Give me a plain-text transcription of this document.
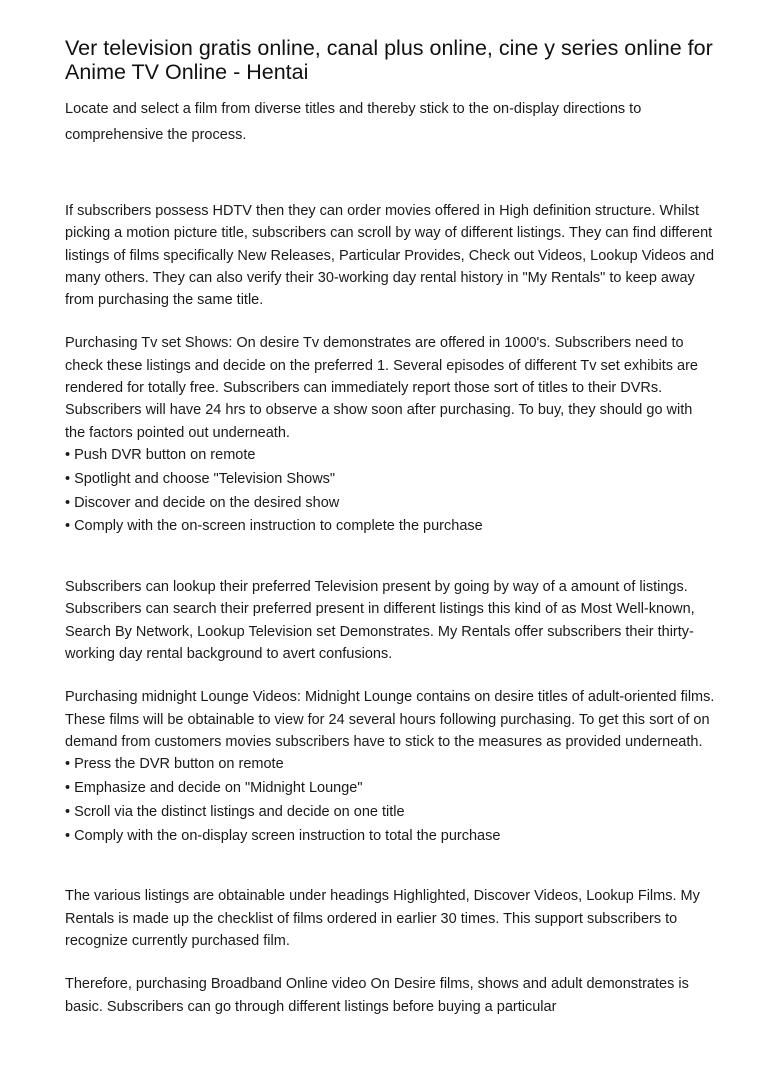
Ver television gratis online, canal plus online, cine y series online for Anime TV Online - Hentai

Locate and select a film from diverse titles and thereby stick to the on-display directions to comprehensive the process.

If subscribers possess HDTV then they can order movies offered in High definition structure. Whilst picking a motion picture title, subscribers can scroll by way of different listings. They can find different listings of films specifically New Releases, Particular Provides, Check out Videos, Lookup Videos and many others. They can also verify their 30-working day rental history in "My Rentals" to keep away from purchasing the same title.

Purchasing Tv set Shows: On desire Tv demonstrates are offered in 1000's. Subscribers need to check these listings and decide on the preferred 1. Several episodes of different Tv set exhibits are rendered for totally free. Subscribers can immediately report those sort of titles to their DVRs. Subscribers will have 24 hrs to observe a show soon after purchasing. To buy, they should go with the factors pointed out underneath.

• Push DVR button on remote
• Spotlight and choose "Television Shows"
• Discover and decide on the desired show
• Comply with the on-screen instruction to complete the purchase

Subscribers can lookup their preferred Television present by going by way of a amount of listings. Subscribers can search their preferred present in different listings this kind of as Most Well-known, Search By Network, Lookup Television set Demonstrates. My Rentals offer subscribers their thirty-working day rental background to avert confusions.

Purchasing midnight Lounge Videos: Midnight Lounge contains on desire titles of adult-oriented films. These films will be obtainable to view for 24 several hours following purchasing. To get this sort of on demand from customers movies subscribers have to stick to the measures as provided underneath.

• Press the DVR button on remote
• Emphasize and decide on "Midnight Lounge"
• Scroll via the distinct listings and decide on one title
• Comply with the on-display screen instruction to total the purchase

The various listings are obtainable under headings Highlighted, Discover Videos, Lookup Films. My Rentals is made up the checklist of films ordered in earlier 30 times. This support subscribers to recognize currently purchased film.

Therefore, purchasing Broadband Online video On Desire films, shows and adult demonstrates is basic. Subscribers can go through different listings before buying a particular
